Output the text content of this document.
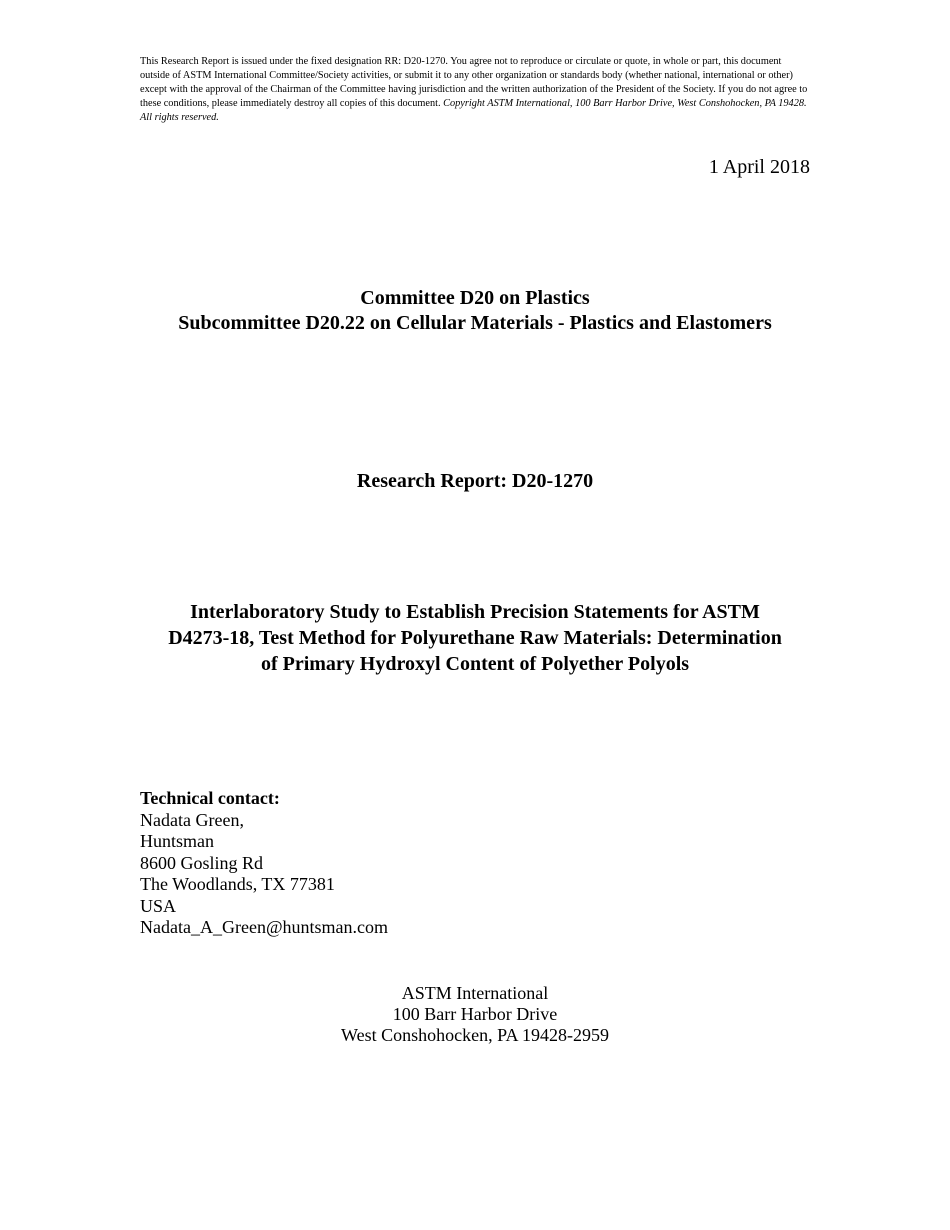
This Research Report is issued under the fixed designation RR: D20-1270. You agree not to reproduce or circulate or quote, in whole or part, this document outside of ASTM International Committee/Society activities, or submit it to any other organization or standards body (whether national, international or other) except with the approval of the Chairman of the Committee having jurisdiction and the written authorization of the President of the Society. If you do not agree to these conditions, please immediately destroy all copies of this document. Copyright ASTM International, 100 Barr Harbor Drive, West Conshohocken, PA 19428. All rights reserved.
1 April 2018
Committee D20 on Plastics
Subcommittee D20.22 on Cellular Materials - Plastics and Elastomers
Research Report: D20-1270
Interlaboratory Study to Establish Precision Statements for ASTM
D4273-18, Test Method for Polyurethane Raw Materials: Determination
of Primary Hydroxyl Content of Polyether Polyols
Technical contact:
Nadata Green,
Huntsman
8600 Gosling Rd
The Woodlands, TX 77381
USA
Nadata_A_Green@huntsman.com
ASTM International
100 Barr Harbor Drive
West Conshohocken, PA 19428-2959
